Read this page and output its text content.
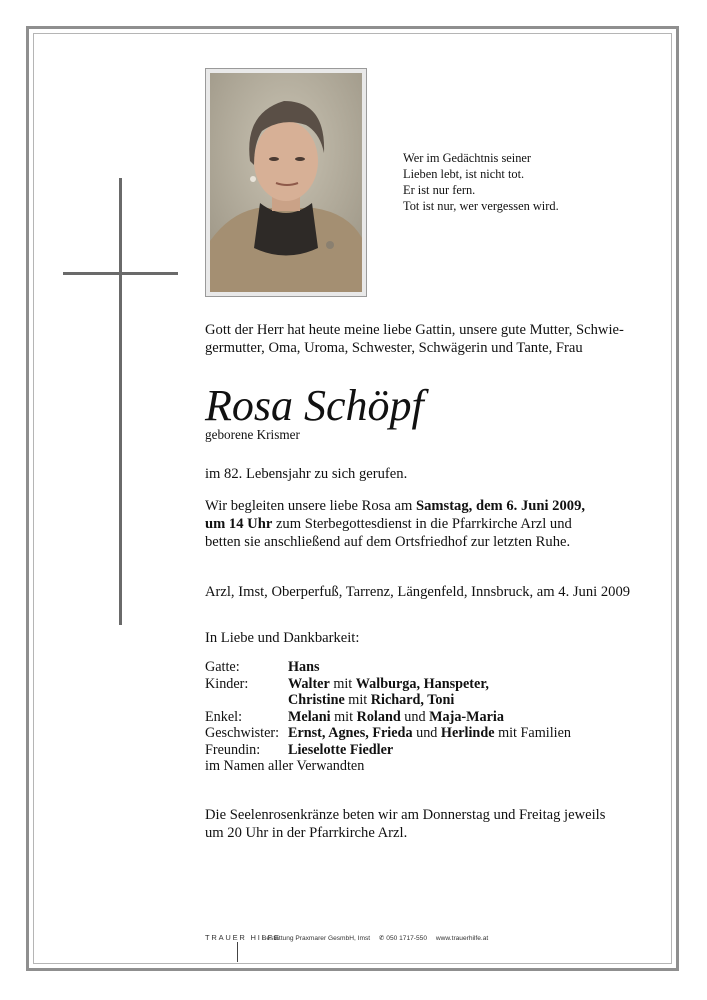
Wer im Gedächtnis seiner
Lieben lebt, ist nicht tot.
Er ist nur fern.
Tot ist nur, wer vergessen wird.
Gott der Herr hat heute meine liebe Gattin, unsere gute Mutter, Schwie-
germutter, Oma, Uroma, Schwester, Schwägerin und Tante, Frau
Rosa Schöpf
geborene Krismer
im 82. Lebensjahr zu sich gerufen.
Wir begleiten unsere liebe Rosa am Samstag, dem 6. Juni 2009,
um 14 Uhr zum Sterbegottesdienst in die Pfarrkirche Arzl und
betten sie anschließend auf dem Ortsfriedhof zur letzten Ruhe.
Arzl, Imst, Oberperfuß, Tarrenz, Längenfeld, Innsbruck, am 4. Juni 2009
In Liebe und Dankbarkeit:
Gatte:	Hans
Kinder:	Walter mit Walburga, Hanspeter,
Christine mit Richard, Toni
Enkel:	Melani mit Roland und Maja-Maria
Geschwister: Ernst, Agnes, Frieda und Herlinde mit Familien
Freundin:	Lieselotte Fiedler
im Namen aller Verwandten
Die Seelenrosenkränze beten wir am Donnerstag und Freitag jeweils
um 20 Uhr in der Pfarrkirche Arzl.
TRAUER HILFE
Bestattung Praxmarer GesmbH, Imst ✆ 050 1717-550 www.trauerhilfe.at
